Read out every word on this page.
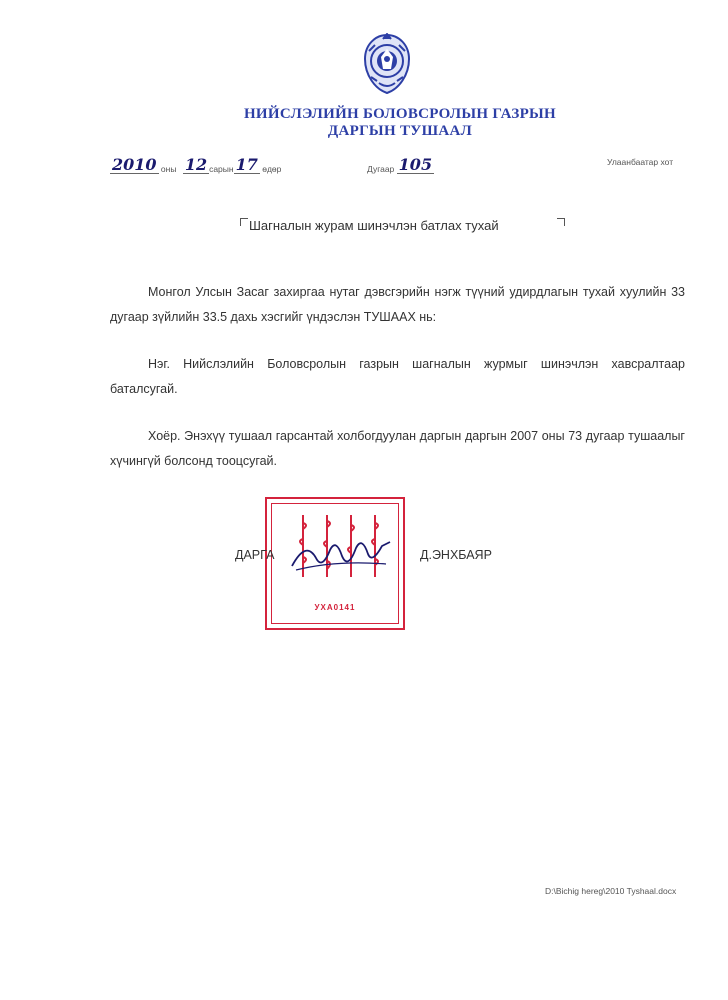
НИЙСЛЭЛИЙН БОЛОВСРОЛЫН ГАЗРЫН
ДАРГЫН ТУШААЛ
2010 оны 12 сарын 17 өдөр	Дугаар 105	Улаанбаатар хот
Шагналын журам шинэчлэн батлах тухай

Монгол Улсын Засаг захиргаа нутаг дэвсгэрийн нэгж түүний удирдлагын тухай хуулийн 33 дугаар зүйлийн 33.5 дахь хэсгийг үндэслэн ТУШААХ нь:

Нэг. Нийслэлийн Боловсролын газрын шагналын журмыг шинэчлэн хавсралтаар баталсугай.

Хоёр. Энэхүү тушаал гарсантай холбогдуулан даргын даргын 2007 оны 73 дугаар тушаалыг хүчингүй болсонд тооцсугай.

УХА0141
ДАРГА	Д.ЭНХБАЯР
D:\Bichig hereg\2010 Tyshaal.docx
